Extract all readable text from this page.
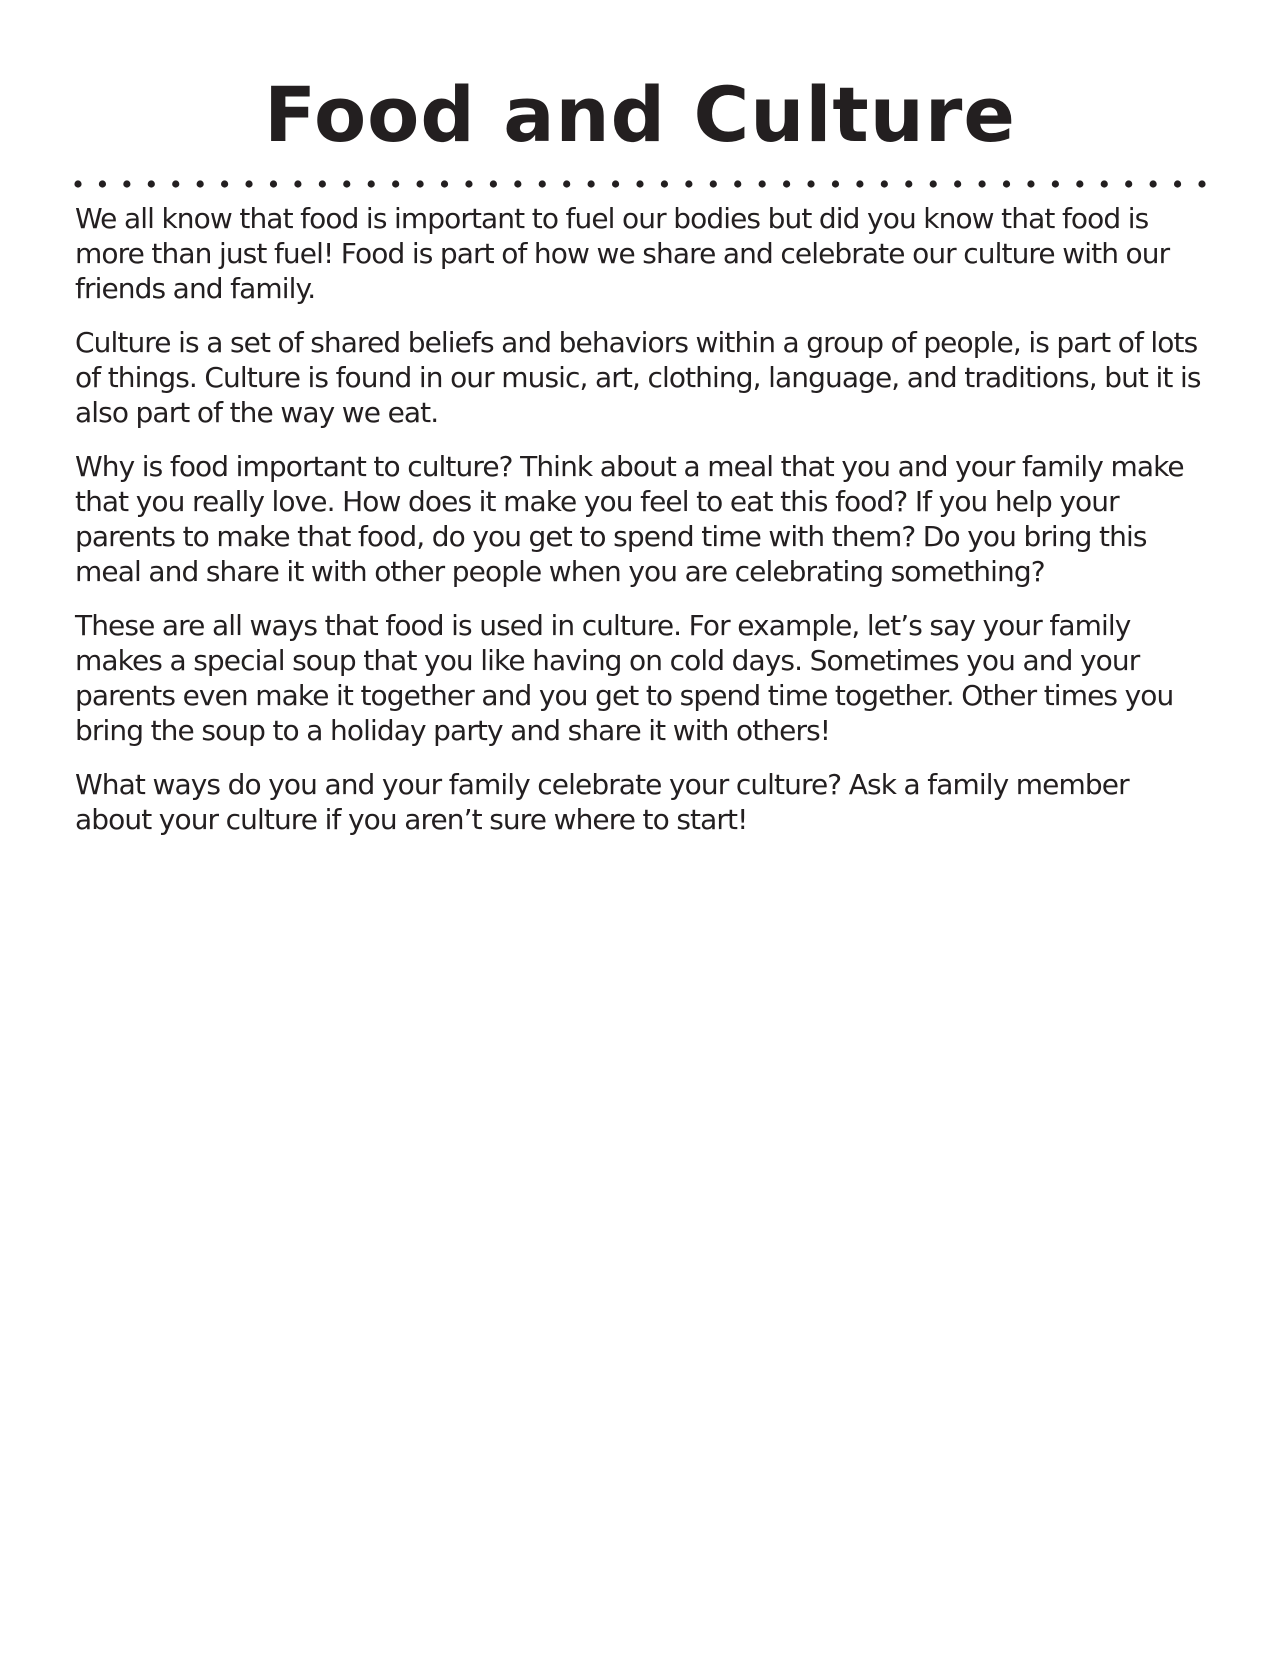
Food and Culture

We all know that food is important to fuel our bodies but did you know that food is more than just fuel! Food is part of how we share and celebrate our culture with our friends and family.

Culture is a set of shared beliefs and behaviors within a group of people, is part of lots of things. Culture is found in our music, art, clothing, language, and traditions, but it is also part of the way we eat.

Why is food important to culture? Think about a meal that you and your family make that you really love. How does it make you feel to eat this food? If you help your parents to make that food, do you get to spend time with them? Do you bring this meal and share it with other people when you are celebrating something?

These are all ways that food is used in culture. For example, let’s say your family makes a special soup that you like having on cold days. Sometimes you and your parents even make it together and you get to spend time together. Other times you bring the soup to a holiday party and share it with others!

What ways do you and your family celebrate your culture? Ask a family member about your culture if you aren’t sure where to start!
